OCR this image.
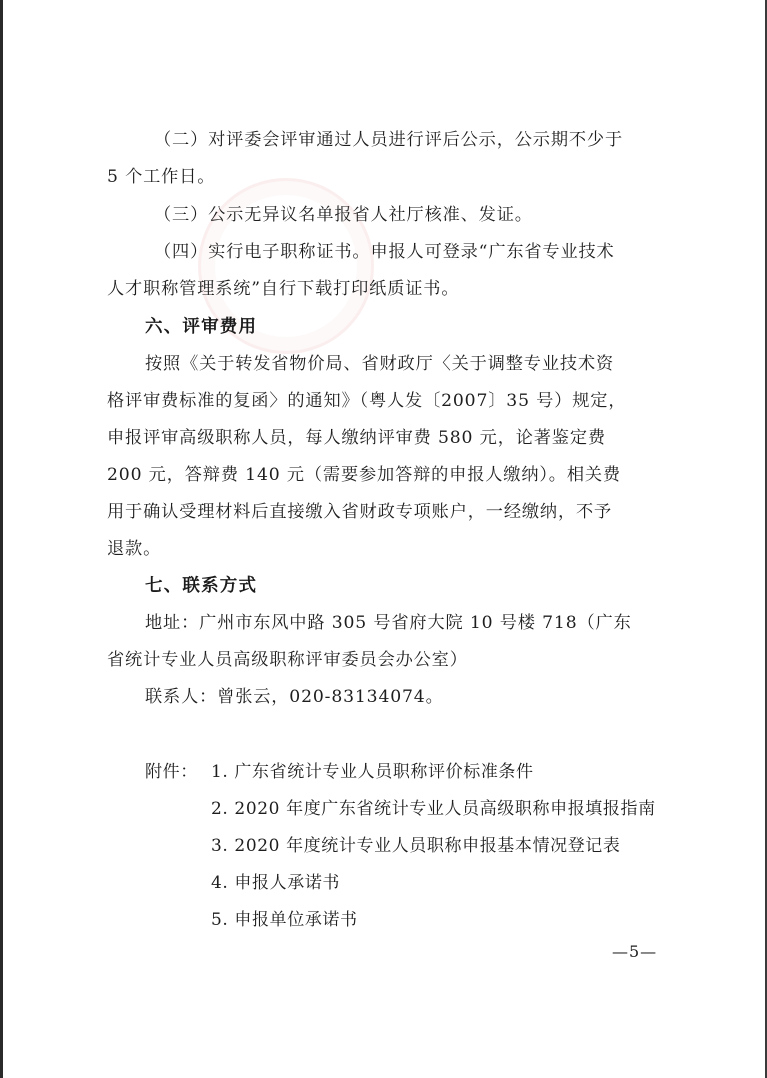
（二）对评委会评审通过人员进行评后公示，公示期不少于
5 个工作日。
（三）公示无异议名单报省人社厅核准、发证。
（四）实行电子职称证书。申报人可登录“广东省专业技术
人才职称管理系统”自行下载打印纸质证书。
六、评审费用
按照《关于转发省物价局、省财政厅〈关于调整专业技术资
格评审费标准的复函〉的通知》（粤人发〔2007〕35 号）规定，
申报评审高级职称人员，每人缴纳评审费 580 元，论著鉴定费
200 元，答辩费 140 元（需要参加答辩的申报人缴纳）。相关费
用于确认受理材料后直接缴入省财政专项账户，一经缴纳，不予
退款。
七、联系方式
地址：广州市东风中路 305 号省府大院 10 号楼 718（广东
省统计专业人员高级职称评审委员会办公室）
联系人：曾张云，020-83134074。
附件： 1. 广东省统计专业人员职称评价标准条件
2. 2020 年度广东省统计专业人员高级职称申报填报指南
3. 2020 年度统计专业人员职称申报基本情况登记表
4. 申报人承诺书
5. 申报单位承诺书
—5—
